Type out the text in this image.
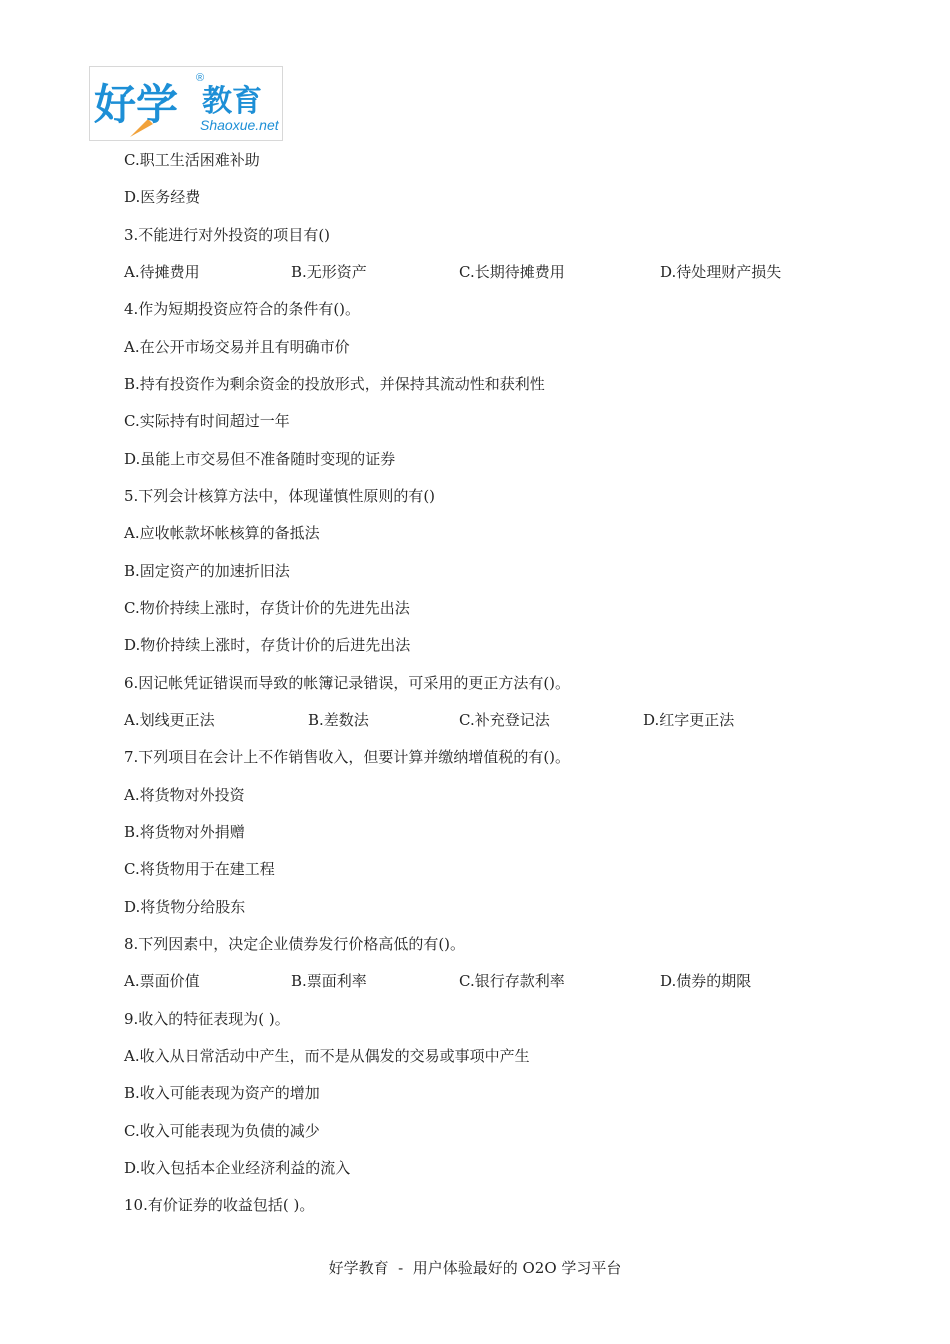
好学 教育
®
Shaoxue.net
C.职工生活困难补助
D.医务经费
3.不能进行对外投资的项目有()
A.待摊费用	B.无形资产	C.长期待摊费用	D.待处理财产损失
4.作为短期投资应符合的条件有()。
A.在公开市场交易并且有明确市价
B.持有投资作为剩余资金的投放形式，并保持其流动性和获利性
C.实际持有时间超过一年
D.虽能上市交易但不准备随时变现的证券
5.下列会计核算方法中，体现谨慎性原则的有()
A.应收帐款坏帐核算的备抵法
B.固定资产的加速折旧法
C.物价持续上涨时，存货计价的先进先出法
D.物价持续上涨时，存货计价的后进先出法
6.因记帐凭证错误而导致的帐簿记录错误，可采用的更正方法有()。
A.划线更正法	B.差数法	C.补充登记法	D.红字更正法
7.下列项目在会计上不作销售收入，但要计算并缴纳增值税的有()。
A.将货物对外投资
B.将货物对外捐赠
C.将货物用于在建工程
D.将货物分给股东
8.下列因素中，决定企业债券发行价格高低的有()。
A.票面价值	B.票面利率	C.银行存款利率	D.债券的期限
9.收入的特征表现为( )。
A.收入从日常活动中产生，而不是从偶发的交易或事项中产生
B.收入可能表现为资产的增加
C.收入可能表现为负债的减少
D.收入包括本企业经济利益的流入
10.有价证券的收益包括( )。
好学教育  -  用户体验最好的 O2O 学习平台
